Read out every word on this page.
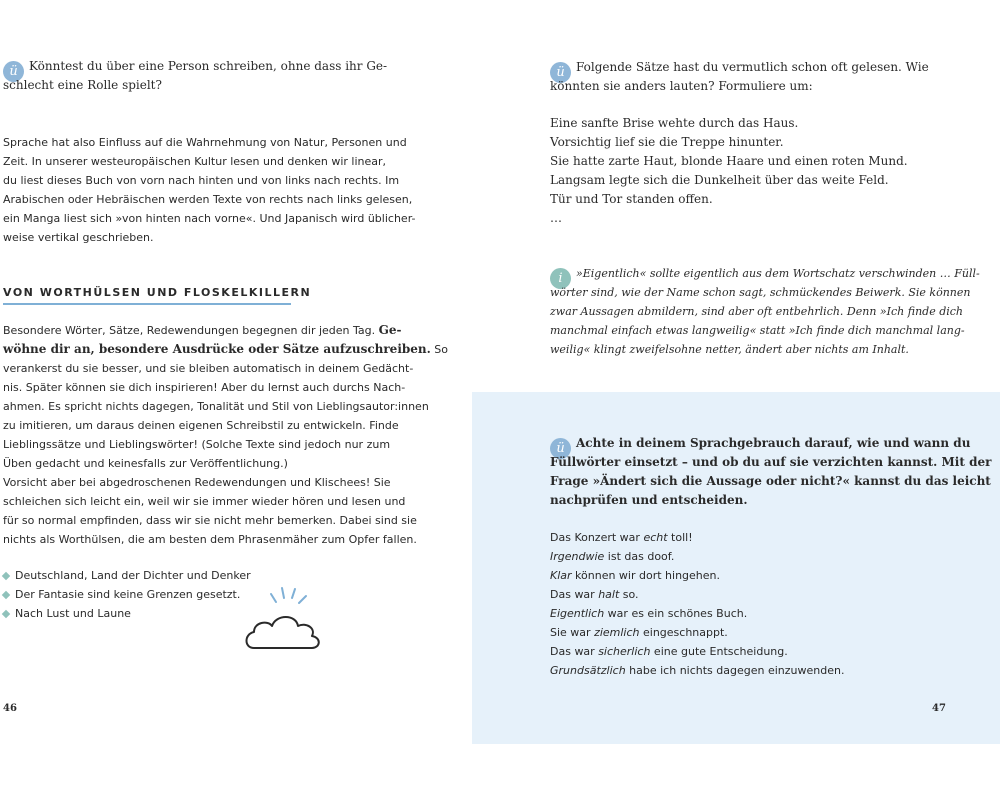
ü Könntest du über eine Person schreiben, ohne dass ihr Ge-
schlecht eine Rolle spielt?
Sprache hat also Einfluss auf die Wahrnehmung von Natur, Personen und
Zeit. In unserer westeuropäischen Kultur lesen und denken wir linear,
du liest dieses Buch von vorn nach hinten und von links nach rechts. Im
Arabischen oder Hebräischen werden Texte von rechts nach links gelesen,
ein Manga liest sich »von hinten nach vorne«. Und Japanisch wird üblicher-
weise vertikal geschrieben.
VON WORTHÜLSEN UND FLOSKELKILLERN
Besondere Wörter, Sätze, Redewendungen begegnen dir jeden Tag. Ge-
wöhne dir an, besondere Ausdrücke oder Sätze aufzuschreiben. So
verankerst du sie besser, und sie bleiben automatisch in deinem Gedächt-
nis. Später können sie dich inspirieren! Aber du lernst auch durchs Nach-
ahmen. Es spricht nichts dagegen, Tonalität und Stil von Lieblingsautor:innen
zu imitieren, um daraus deinen eigenen Schreibstil zu entwickeln. Finde
Lieblingssätze und Lieblingswörter! (Solche Texte sind jedoch nur zum
Üben gedacht und keinesfalls zur Veröffentlichung.)
Vorsicht aber bei abgedroschenen Redewendungen und Klischees! Sie
schleichen sich leicht ein, weil wir sie immer wieder hören und lesen und
für so normal empfinden, dass wir sie nicht mehr bemerken. Dabei sind sie
nichts als Worthülsen, die am besten dem Phrasenmäher zum Opfer fallen.
Deutschland, Land der Dichter und Denker
Der Fantasie sind keine Grenzen gesetzt.
Nach Lust und Laune
46
ü Folgende Sätze hast du vermutlich schon oft gelesen. Wie
könnten sie anders lauten? Formuliere um:
Eine sanfte Brise wehte durch das Haus.
Vorsichtig lief sie die Treppe hinunter.
Sie hatte zarte Haut, blonde Haare und einen roten Mund.
Langsam legte sich die Dunkelheit über das weite Feld.
Tür und Tor standen offen.
…
i »Eigentlich« sollte eigentlich aus dem Wortschatz verschwinden … Füll-
wörter sind, wie der Name schon sagt, schmückendes Beiwerk. Sie können
zwar Aussagen abmildern, sind aber oft entbehrlich. Denn »Ich finde dich
manchmal einfach etwas langweilig« statt »Ich finde dich manchmal lang-
weilig« klingt zweifelsohne netter, ändert aber nichts am Inhalt.
ü Achte in deinem Sprachgebrauch darauf, wie und wann du
Füllwörter einsetzt – und ob du auf sie verzichten kannst. Mit der
Frage »Ändert sich die Aussage oder nicht?« kannst du das leicht
nachprüfen und entscheiden.
Das Konzert war echt toll!
Irgendwie ist das doof.
Klar können wir dort hingehen.
Das war halt so.
Eigentlich war es ein schönes Buch.
Sie war ziemlich eingeschnappt.
Das war sicherlich eine gute Entscheidung.
Grundsätzlich habe ich nichts dagegen einzuwenden.
47
